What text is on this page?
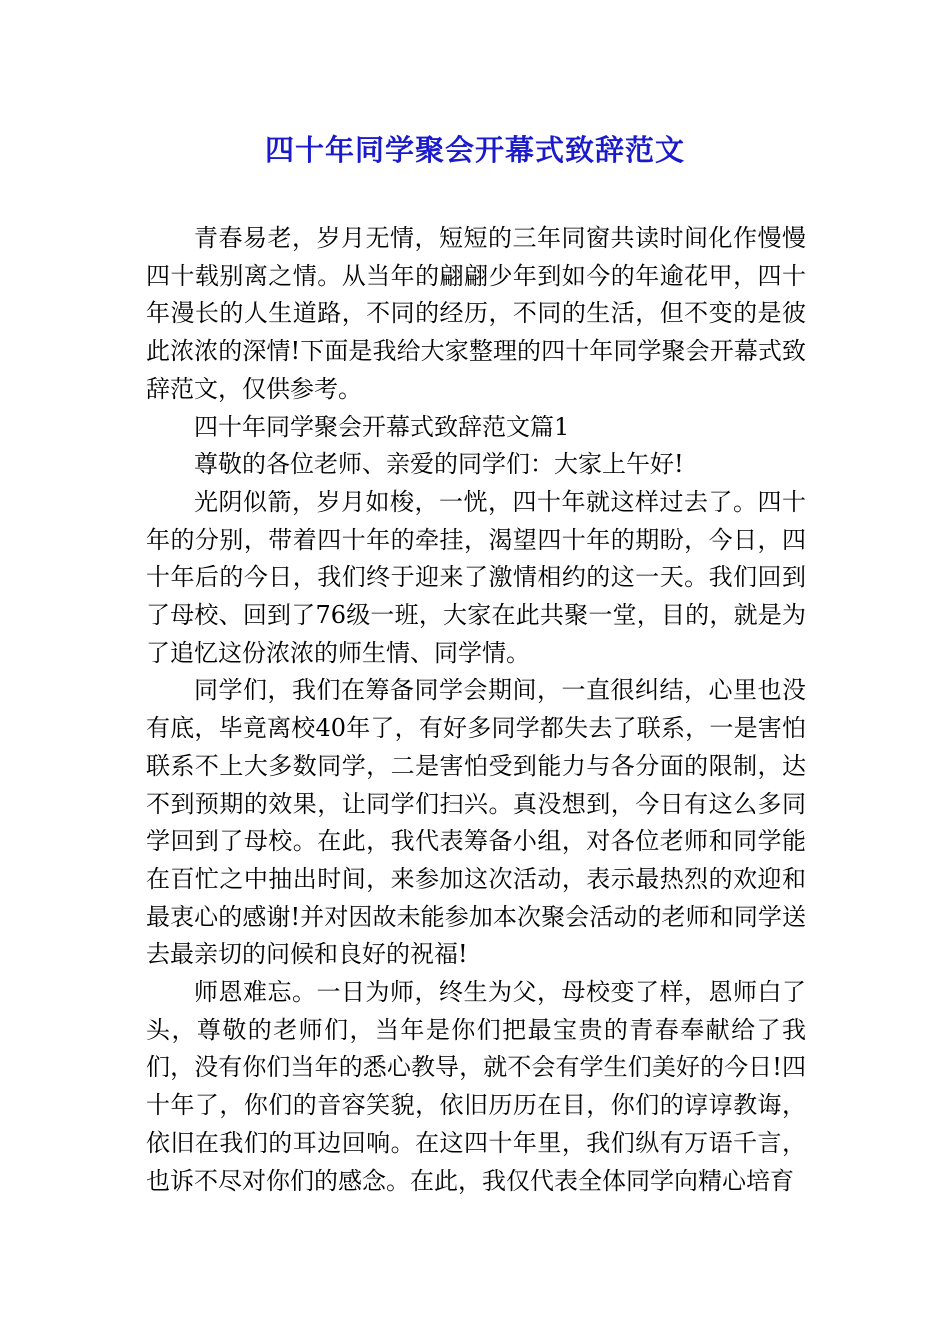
四十年同学聚会开幕式致辞范文

青春易老，岁月无情，短短的三年同窗共读时间化作慢慢四十载别离之情。从当年的翩翩少年到如今的年逾花甲，四十年漫长的人生道路，不同的经历，不同的生活，但不变的是彼此浓浓的深情!下面是我给大家整理的四十年同学聚会开幕式致辞范文，仅供参考。

四十年同学聚会开幕式致辞范文篇1

尊敬的各位老师、亲爱的同学们：大家上午好!

光阴似箭，岁月如梭，一恍，四十年就这样过去了。四十年的分别，带着四十年的牵挂，渴望四十年的期盼，今日，四十年后的今日，我们终于迎来了激情相约的这一天。我们回到了母校、回到了76级一班，大家在此共聚一堂，目的，就是为了追忆这份浓浓的师生情、同学情。

同学们，我们在筹备同学会期间，一直很纠结，心里也没有底，毕竟离校40年了，有好多同学都失去了联系，一是害怕联系不上大多数同学，二是害怕受到能力与各分面的限制，达不到预期的效果，让同学们扫兴。真没想到，今日有这么多同学回到了母校。在此，我代表筹备小组，对各位老师和同学能在百忙之中抽出时间，来参加这次活动，表示最热烈的欢迎和最衷心的感谢!并对因故未能参加本次聚会活动的老师和同学送去最亲切的问候和良好的祝福!

师恩难忘。一日为师，终生为父，母校变了样，恩师白了头，尊敬的老师们，当年是你们把最宝贵的青春奉献给了我们，没有你们当年的悉心教导，就不会有学生们美好的今日!四十年了，你们的音容笑貌，依旧历历在目，你们的谆谆教诲，依旧在我们的耳边回响。在这四十年里，我们纵有万语千言，也诉不尽对你们的感念。在此，我仅代表全体同学向精心培育
